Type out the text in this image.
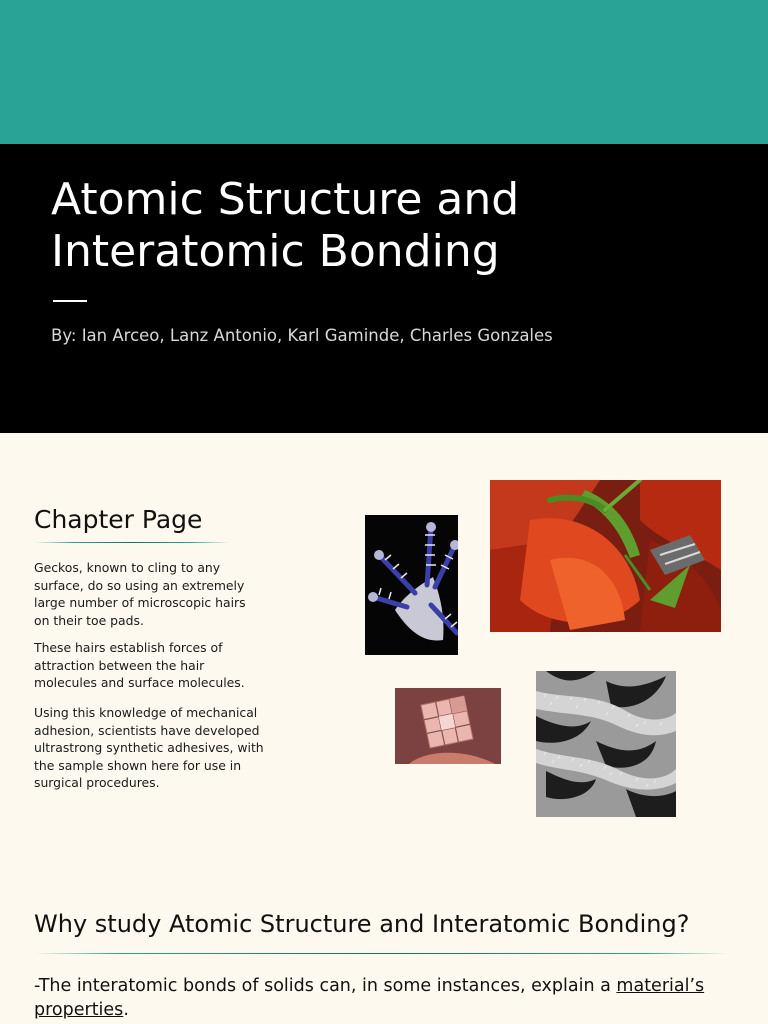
Atomic Structure and
Interatomic Bonding
By: Ian Arceo, Lanz Antonio, Karl Gaminde, Charles Gonzales
Chapter Page

Geckos, known to cling to any surface, do so using an extremely large number of microscopic hairs on their toe pads.

These hairs establish forces of attraction between the hair molecules and surface molecules.

Using this knowledge of mechanical adhesion, scientists have developed ultrastrong synthetic adhesives, with the sample shown here for use in surgical procedures.

Why study Atomic Structure and Interatomic Bonding?

-The interatomic bonds of solids can, in some instances, explain a material’s properties.
